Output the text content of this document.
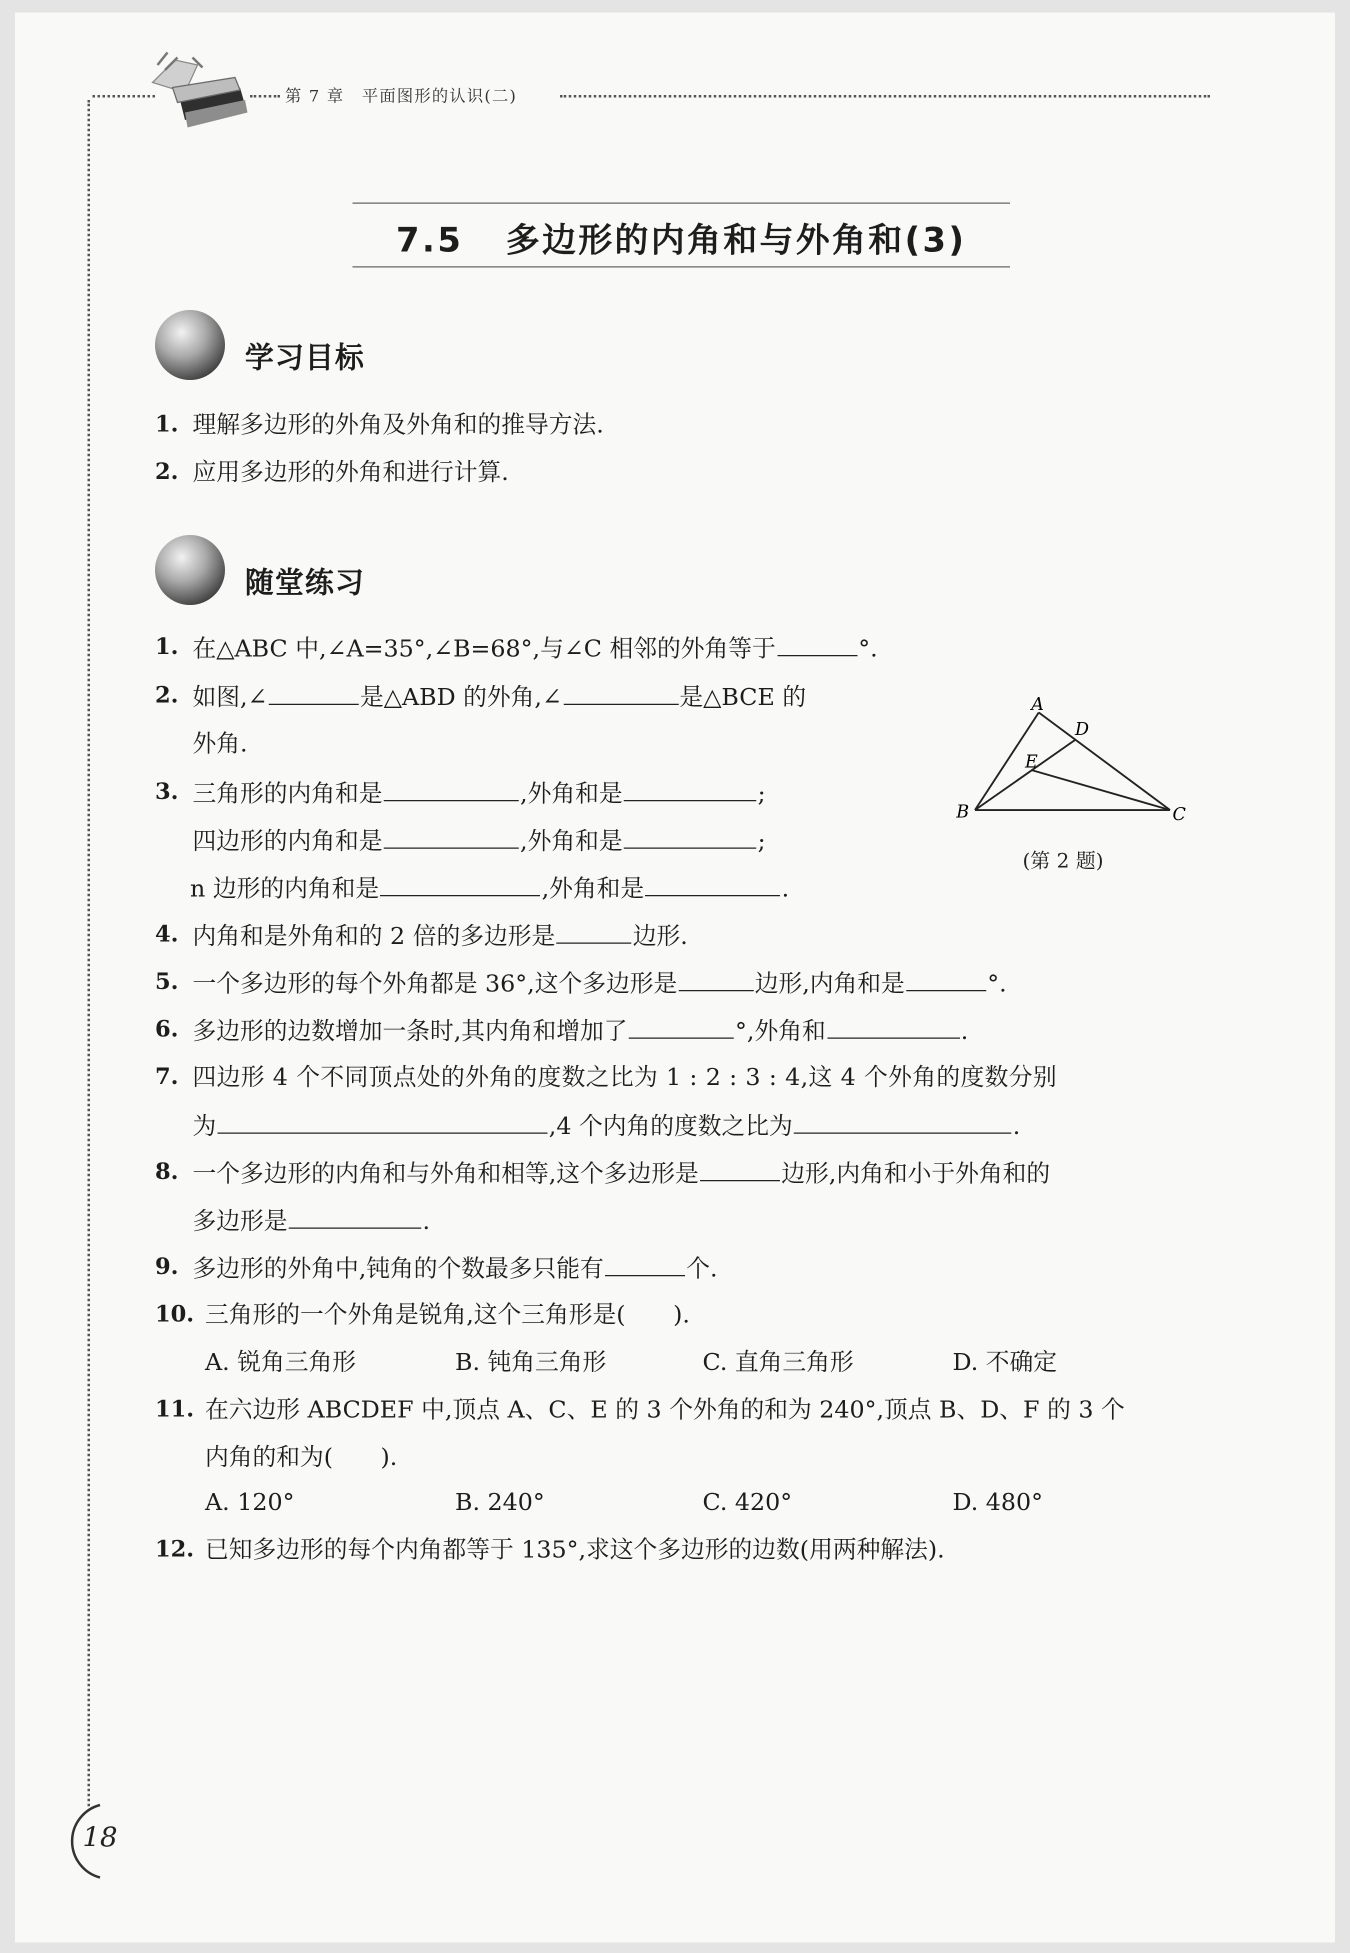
第 7 章 平面图形的认识(二)
7.5 多边形的内角和与外角和(3)
学习目标
1. 理解多边形的外角及外角和的推导方法.
2. 应用多边形的外角和进行计算.
随堂练习
1. 在△ABC 中,∠A=35°,∠B=68°,与∠C 相邻的外角等于	°.
2. 如图,∠	是△ABD 的外角,∠	是△BCE 的
外角.
A
D
E
B	C
(第 2 题)
3. 三角形的内角和是	,外角和是	;
四边形的内角和是	,外角和是	;
n 边形的内角和是	,外角和是	.
4. 内角和是外角和的 2 倍的多边形是	边形.
5. 一个多边形的每个外角都是 36°,这个多边形是	边形,内角和是	°.
6. 多边形的边数增加一条时,其内角和增加了	°,外角和	.
7. 四边形 4 个不同顶点处的外角的度数之比为 1 : 2 : 3 : 4,这 4 个外角的度数分别
为	,4 个内角的度数之比为	.
8. 一个多边形的内角和与外角和相等,这个多边形是	边形,内角和小于外角和的
多边形是	.
9. 多边形的外角中,钝角的个数最多只能有	个.
10. 三角形的一个外角是锐角,这个三角形是(　　).
A. 锐角三角形	B. 钝角三角形	C. 直角三角形	D. 不确定
11. 在六边形 ABCDEF 中,顶点 A、C、E 的 3 个外角的和为 240°,顶点 B、D、F 的 3 个
内角的和为(　　).
A. 120°	B. 240°	C. 420°	D. 480°
12. 已知多边形的每个内角都等于 135°,求这个多边形的边数(用两种解法).
18
